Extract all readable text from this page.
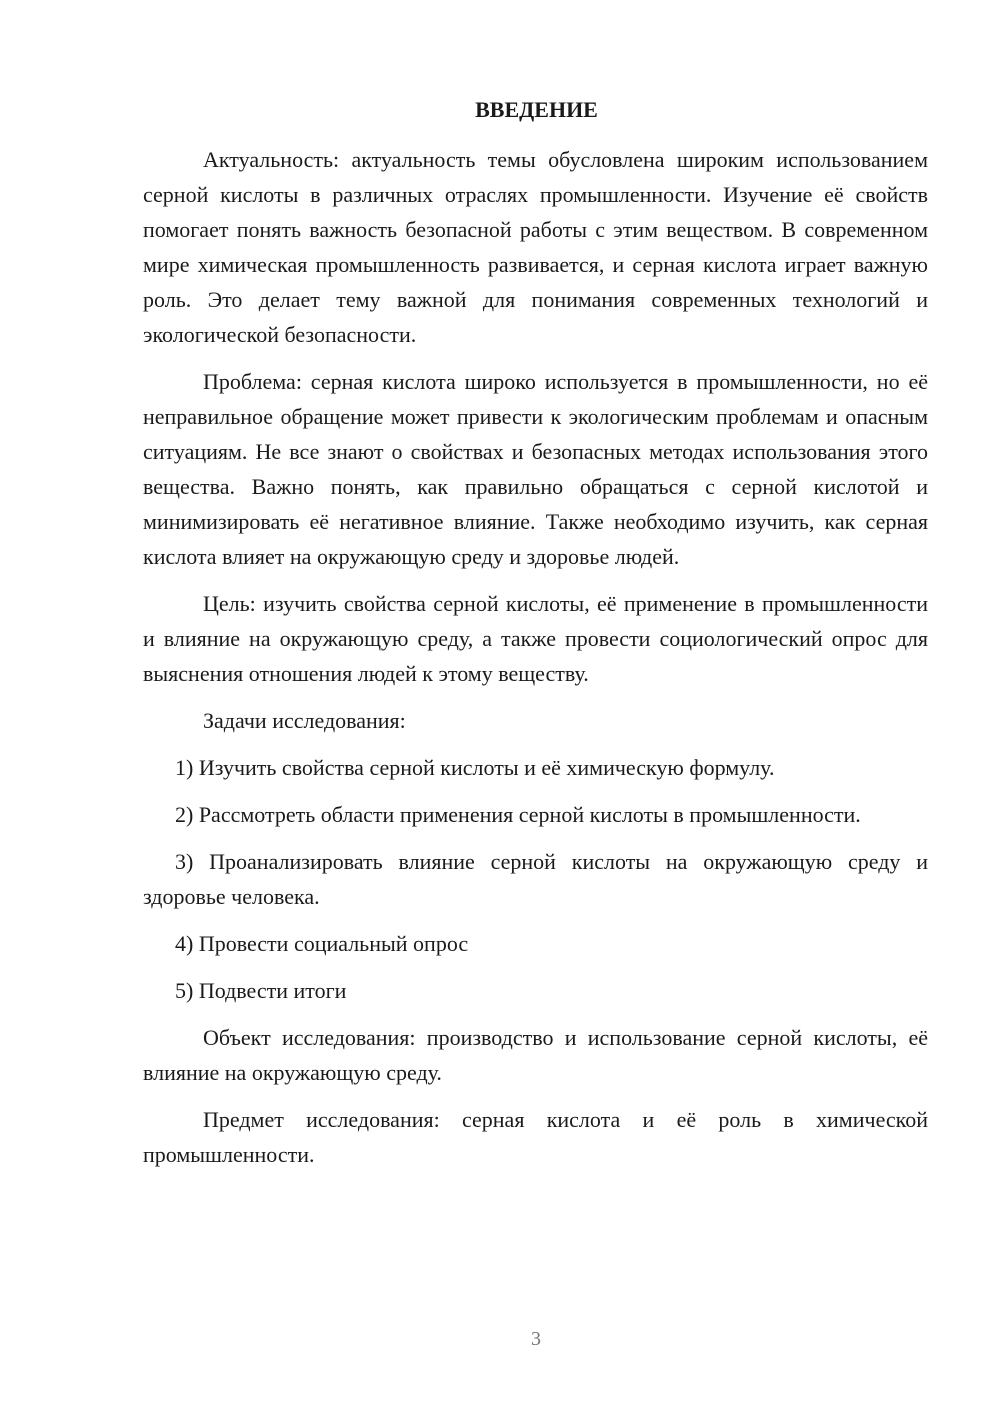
ВВЕДЕНИЕ

Актуальность: актуальность темы обусловлена широким использованием серной кислоты в различных отраслях промышленности. Изучение её свойств помогает понять важность безопасной работы с этим веществом. В современном мире химическая промышленность развивается, и серная кислота играет важную роль. Это делает тему важной для понимания современных технологий и экологической безопасности.

Проблема: серная кислота широко используется в промышленности, но её неправильное обращение может привести к экологическим проблемам и опасным ситуациям. Не все знают о свойствах и безопасных методах использования этого вещества. Важно понять, как правильно обращаться с серной кислотой и минимизировать её негативное влияние. Также необходимо изучить, как серная кислота влияет на окружающую среду и здоровье людей.

Цель: изучить свойства серной кислоты, её применение в промышленности и влияние на окружающую среду, а также провести социологический опрос для выяснения отношения людей к этому веществу.

Задачи исследования:

1) Изучить свойства серной кислоты и её химическую формулу.

2) Рассмотреть области применения серной кислоты в промышленности.

3) Проанализировать влияние серной кислоты на окружающую среду и здоровье человека.

4) Провести социальный опрос

5) Подвести итоги

Объект исследования: производство и использование серной кислоты, её влияние на окружающую среду.

Предмет исследования: серная кислота и её роль в химической промышленности.

3
